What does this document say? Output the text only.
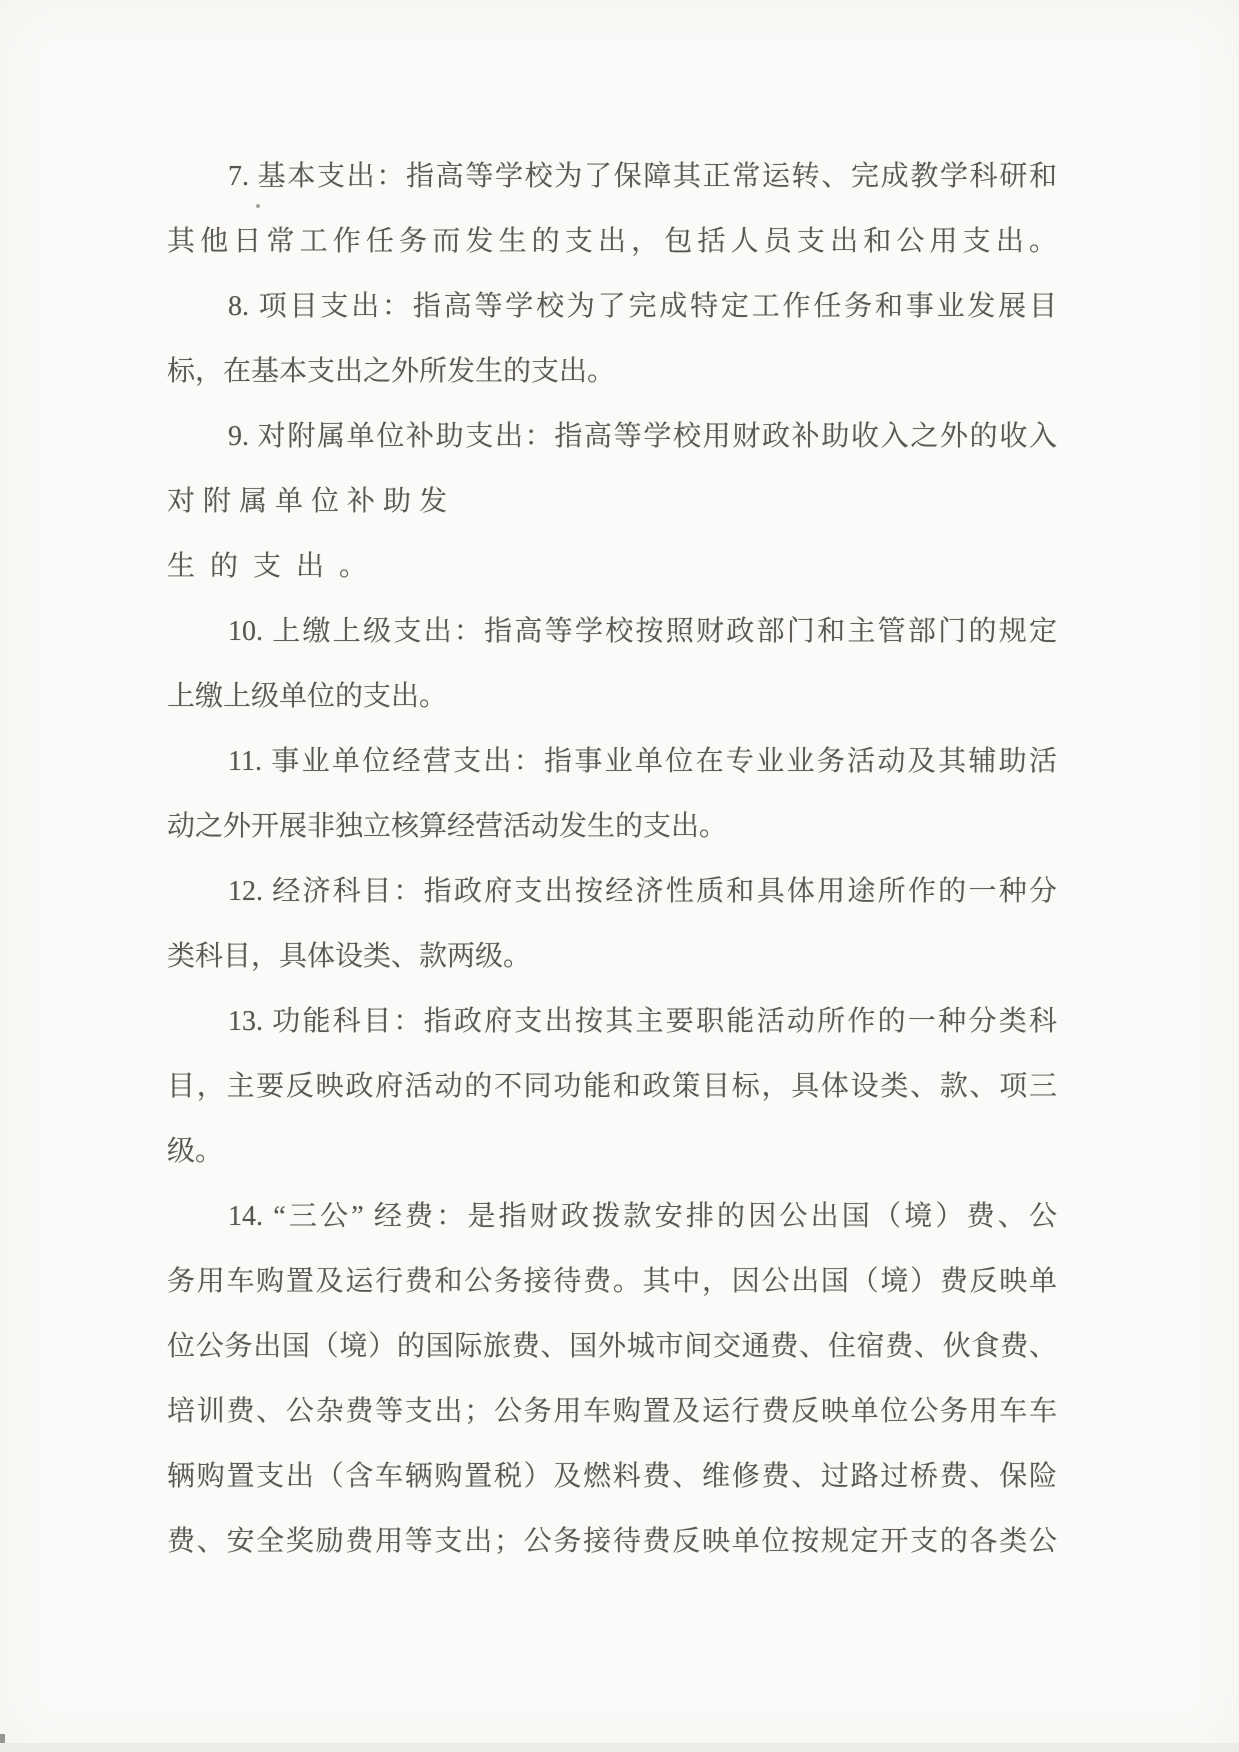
7. 基本支出：指高等学校为了保障其正常运转、完成教学科研和
其他日常工作任务而发生的支出，包括人员支出和公用支出。
8. 项目支出：指高等学校为了完成特定工作任务和事业发展目
标，在基本支出之外所发生的支出。
9. 对附属单位补助支出：指高等学校用财政补助收入之外的收入
对附属单位补助发
生的支出。
10. 上缴上级支出：指高等学校按照财政部门和主管部门的规定
上缴上级单位的支出。
11. 事业单位经营支出：指事业单位在专业业务活动及其辅助活
动之外开展非独立核算经营活动发生的支出。
12. 经济科目：指政府支出按经济性质和具体用途所作的一种分
类科目，具体设类、款两级。
13. 功能科目：指政府支出按其主要职能活动所作的一种分类科
目，主要反映政府活动的不同功能和政策目标，具体设类、款、项三
级。
14. “三公” 经费：是指财政拨款安排的因公出国（境）费、公
务用车购置及运行费和公务接待费。其中，因公出国（境）费反映单
位公务出国（境）的国际旅费、国外城市间交通费、住宿费、伙食费、
培训费、公杂费等支出；公务用车购置及运行费反映单位公务用车车
辆购置支出（含车辆购置税）及燃料费、维修费、过路过桥费、保险
费、安全奖励费用等支出；公务接待费反映单位按规定开支的各类公
